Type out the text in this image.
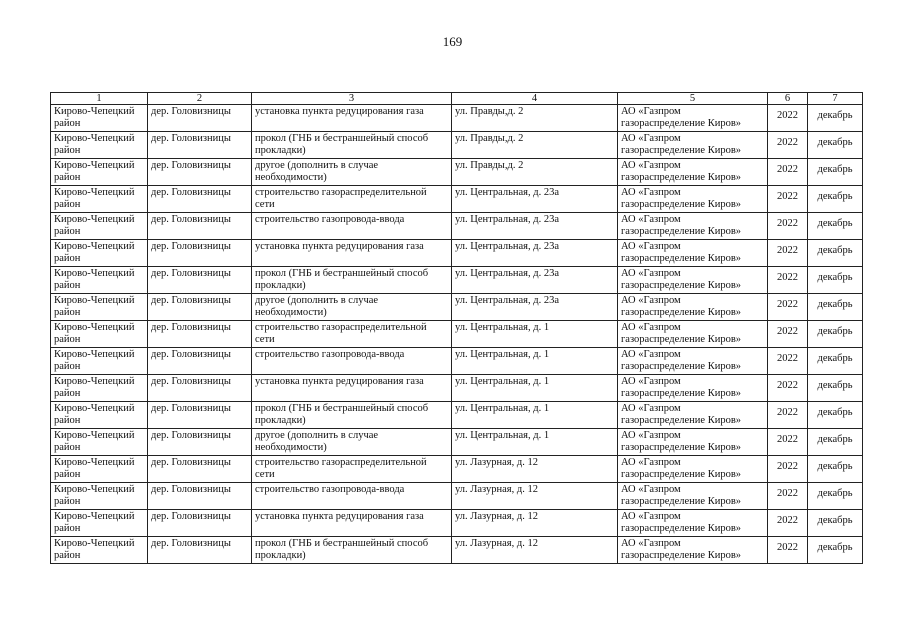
169
1	2	3	4	5	6	7
Кирово-Чепецкий район	дер. Головизницы	установка пункта редуцирования газа	ул. Правды,д. 2	АО «Газпром газораспределение Киров»	2022	декабрь
Кирово-Чепецкий район	дер. Головизницы	прокол (ГНБ и бестраншейный способ прокладки)	ул. Правды,д. 2	АО «Газпром газораспределение Киров»	2022	декабрь
Кирово-Чепецкий район	дер. Головизницы	другое (дополнить в случае необходимости)	ул. Правды,д. 2	АО «Газпром газораспределение Киров»	2022	декабрь
Кирово-Чепецкий район	дер. Головизницы	строительство газораспределительной сети	ул. Центральная, д. 23а	АО «Газпром газораспределение Киров»	2022	декабрь
Кирово-Чепецкий район	дер. Головизницы	строительство газопровода-ввода	ул. Центральная, д. 23а	АО «Газпром газораспределение Киров»	2022	декабрь
Кирово-Чепецкий район	дер. Головизницы	установка пункта редуцирования газа	ул. Центральная, д. 23а	АО «Газпром газораспределение Киров»	2022	декабрь
Кирово-Чепецкий район	дер. Головизницы	прокол (ГНБ и бестраншейный способ прокладки)	ул. Центральная, д. 23а	АО «Газпром газораспределение Киров»	2022	декабрь
Кирово-Чепецкий район	дер. Головизницы	другое (дополнить в случае необходимости)	ул. Центральная, д. 23а	АО «Газпром газораспределение Киров»	2022	декабрь
Кирово-Чепецкий район	дер. Головизницы	строительство газораспределительной сети	ул. Центральная, д. 1	АО «Газпром газораспределение Киров»	2022	декабрь
Кирово-Чепецкий район	дер. Головизницы	строительство газопровода-ввода	ул. Центральная, д. 1	АО «Газпром газораспределение Киров»	2022	декабрь
Кирово-Чепецкий район	дер. Головизницы	установка пункта редуцирования газа	ул. Центральная, д. 1	АО «Газпром газораспределение Киров»	2022	декабрь
Кирово-Чепецкий район	дер. Головизницы	прокол (ГНБ и бестраншейный способ прокладки)	ул. Центральная, д. 1	АО «Газпром газораспределение Киров»	2022	декабрь
Кирово-Чепецкий район	дер. Головизницы	другое (дополнить в случае необходимости)	ул. Центральная, д. 1	АО «Газпром газораспределение Киров»	2022	декабрь
Кирово-Чепецкий район	дер. Головизницы	строительство газораспределительной сети	ул. Лазурная, д. 12	АО «Газпром газораспределение Киров»	2022	декабрь
Кирово-Чепецкий район	дер. Головизницы	строительство газопровода-ввода	ул. Лазурная, д. 12	АО «Газпром газораспределение Киров»	2022	декабрь
Кирово-Чепецкий район	дер. Головизницы	установка пункта редуцирования газа	ул. Лазурная, д. 12	АО «Газпром газораспределение Киров»	2022	декабрь
Кирово-Чепецкий район	дер. Головизницы	прокол (ГНБ и бестраншейный способ прокладки)	ул. Лазурная, д. 12	АО «Газпром газораспределение Киров»	2022	декабрь
